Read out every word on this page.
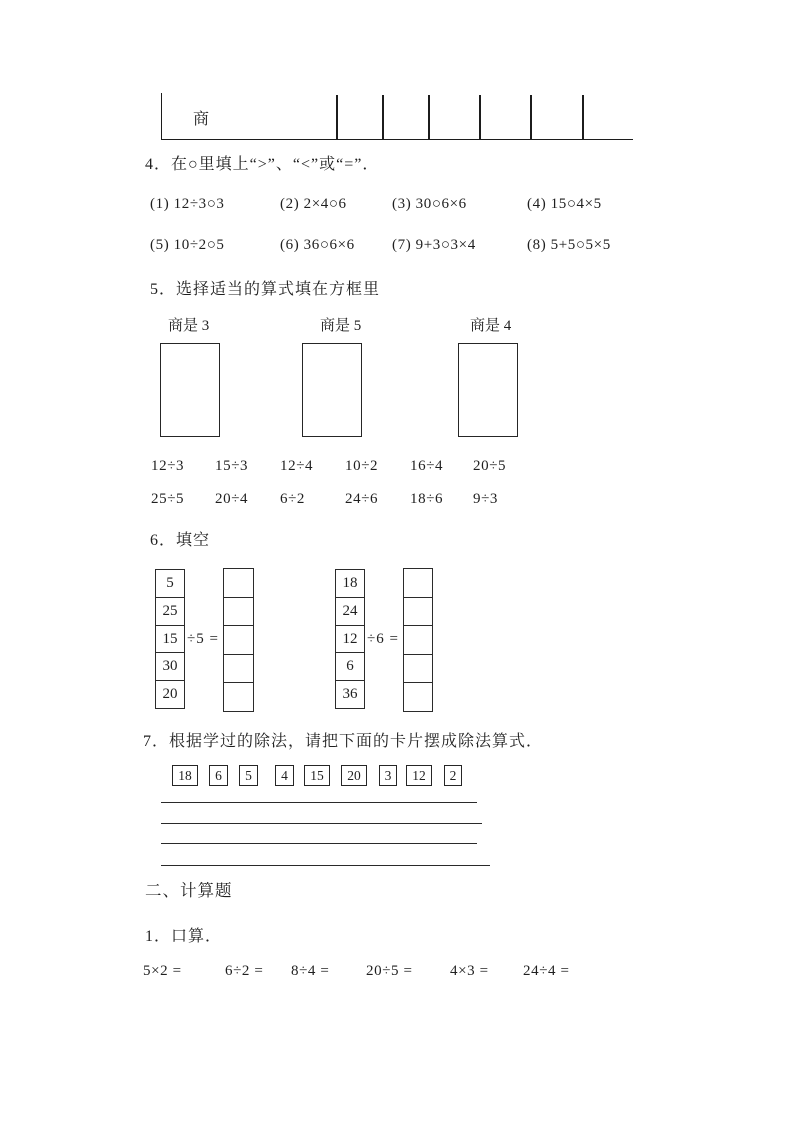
商
4．在○里填上“>”、“<”或“=”．
(1) 12÷3○3	(2) 2×4○6	(3) 30○6×6	(4) 15○4×5
(5) 10÷2○5	(6) 36○6×6 (7) 9+3○3×4	(8) 5+5○5×5
5．选择适当的算式填在方框里
商是 3	商是 5	商是 4
12÷3 15÷3 12÷4 10÷2 16÷4 20÷5
25÷5 20÷4 6÷2	24÷6 18÷6 9÷3
6．填空
5
25
15
30
20
÷5 =
18
24
12
6
36
÷6 =
7．根据学过的除法，请把下面的卡片摆成除法算式．
18	6	5	4	15	20	3	12	2
二、计算题
1．口算．
5×2 =	6÷2 = 8÷4 = 20÷5 = 4×3 = 24÷4 =
